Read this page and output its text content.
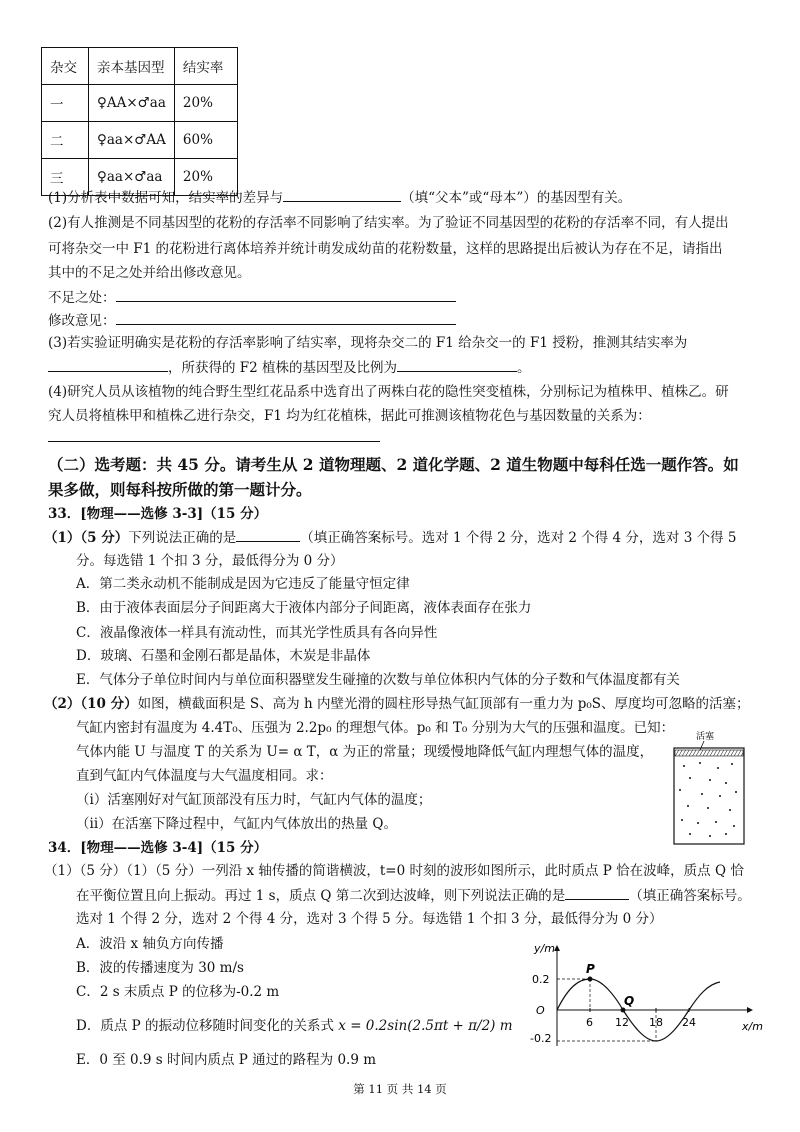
杂交	亲本基因型	结实率
一	♀AA×♂aa	20%
二	♀aa×♂AA	60%
三	♀aa×♂aa	20%
(1)分析表中数据可知，结实率的差异与	（填“父本”或“母本”）的基因型有关。
(2)有人推测是不同基因型的花粉的存活率不同影响了结实率。为了验证不同基因型的花粉的存活率不同，有人提出
可将杂交一中 F1 的花粉进行离体培养并统计萌发成幼苗的花粉数量，这样的思路提出后被认为存在不足，请指出
其中的不足之处并给出修改意见。
不足之处：
修改意见：
(3)若实验证明确实是花粉的存活率影响了结实率，现将杂交二的 F1 给杂交一的 F1 授粉，推测其结实率为
，所获得的 F2 植株的基因型及比例为	。
(4)研究人员从该植物的纯合野生型红花品系中选育出了两株白花的隐性突变植株，分别标记为植株甲、植株乙。研
究人员将植株甲和植株乙进行杂交，F1 均为红花植株，据此可推测该植物花色与基因数量的关系为：
（二）选考题：共 45 分。请考生从 2 道物理题、2 道化学题、2 道生物题中每科任选一题作答。如
果多做，则每科按所做的第一题计分。
33．[物理——选修 3-3]（15 分）
（1）（5 分）下列说法正确的是	（填正确答案标号。选对 1 个得 2 分，选对 2 个得 4 分，选对 3 个得 5
分。每选错 1 个扣 3 分，最低得分为 0 分）
A．第二类永动机不能制成是因为它违反了能量守恒定律
B．由于液体表面层分子间距离大于液体内部分子间距离，液体表面存在张力
C．液晶像液体一样具有流动性，而其光学性质具有各向异性
D．玻璃、石墨和金刚石都是晶体，木炭是非晶体
E．气体分子单位时间内与单位面积器壁发生碰撞的次数与单位体积内气体的分子数和气体温度都有关
（2）（10 分）如图，横截面积是 S、高为 h 内壁光滑的圆柱形导热气缸顶部有一重力为 p₀S、厚度均可忽略的活塞；
气缸内密封有温度为 4.4T₀、压强为 2.2p₀ 的理想气体。p₀ 和 T₀ 分别为大气的压强和温度。已知：
气体内能 U 与温度 T 的关系为 U= α T，α 为正的常量；现缓慢地降低气缸内理想气体的温度，
直到气缸内气体温度与大气温度相同。求：
（i）活塞刚好对气缸顶部没有压力时，气缸内气体的温度；
（ii）在活塞下降过程中，气缸内气体放出的热量 Q。
活塞
34．[物理——选修 3-4]（15 分）
（1）（5 分）（1）（5 分）一列沿 x 轴传播的简谐横波，t=0 时刻的波形如图所示，此时质点 P 恰在波峰，质点 Q 恰
在平衡位置且向上振动。再过 1 s，质点 Q 第二次到达波峰，则下列说法正确的是	（填正确答案标号。
选对 1 个得 2 分，选对 2 个得 4 分，选对 3 个得 5 分。每选错 1 个扣 3 分，最低得分为 0 分）
A．波沿 x 轴负方向传播
B．波的传播速度为 30 m/s
C．2 s 末质点 P 的位移为-0.2 m
D．质点 P 的振动位移随时间变化的关系式 x = 0.2sin(2.5πt + π/2) m
E．0 至 0.9 s 时间内质点 P 通过的路程为 0.9 m
y/m
x/m
O
0.2
-0.2
6 12 18 24
P
Q
第 11 页 共 14 页
